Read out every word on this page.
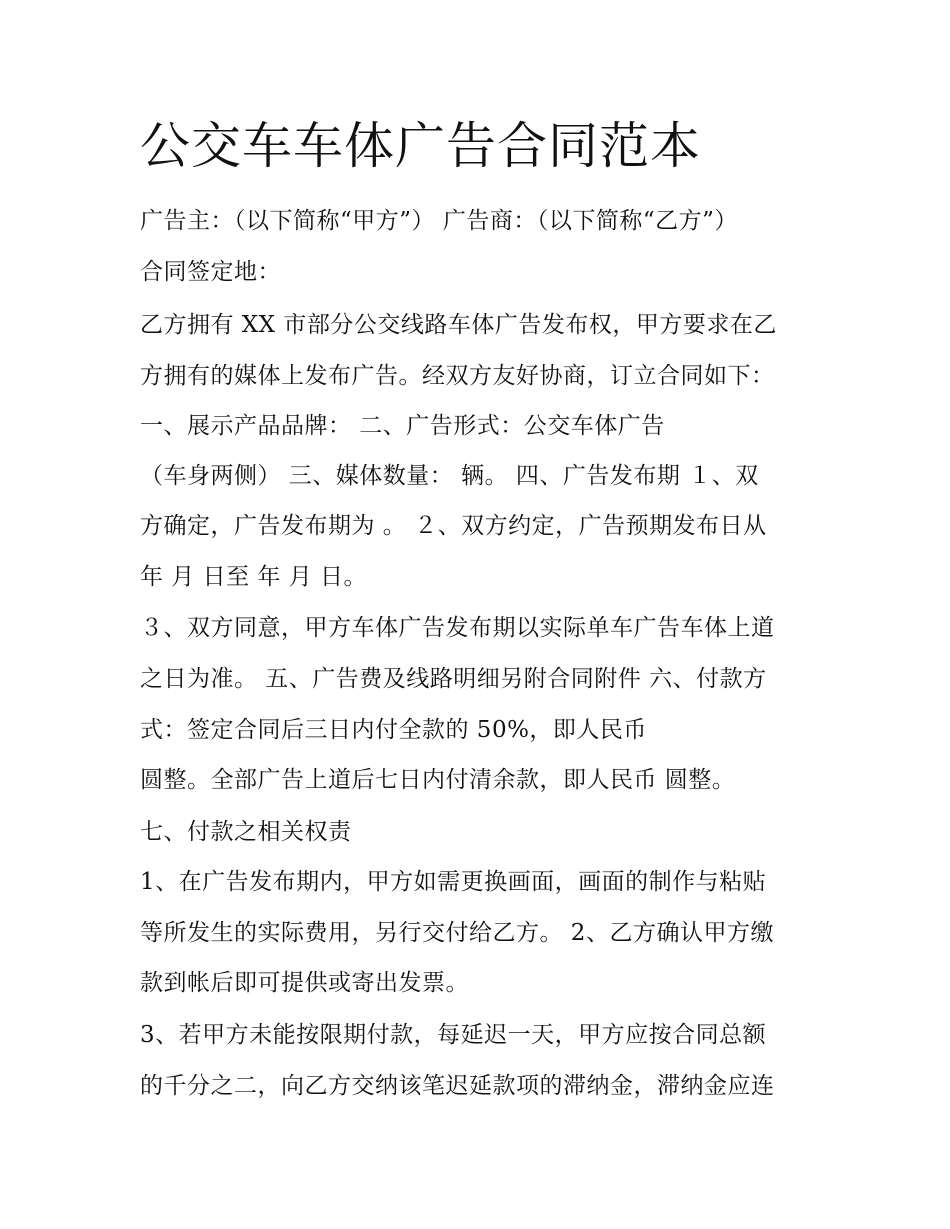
公交车车体广告合同范本
广告主：（以下简称“甲方”） 广告商：（以下简称“乙方”）
合同签定地：
乙方拥有 XX 市部分公交线路车体广告发布权，甲方要求在乙
方拥有的媒体上发布广告。经双方友好协商，订立合同如下：
一、展示产品品牌： 二、广告形式：公交车体广告
（车身两侧） 三、媒体数量： 辆。 四、广告发布期 １、双
方确定，广告发布期为 。 ２、双方约定，广告预期发布日从
年 月 日至 年 月 日。
３、双方同意，甲方车体广告发布期以实际单车广告车体上道
之日为准。 五、广告费及线路明细另附合同附件 六、付款方
式：签定合同后三日内付全款的 50%，即人民币
圆整。全部广告上道后七日内付清余款，即人民币 圆整。
七、付款之相关权责
1、在广告发布期内，甲方如需更换画面，画面的制作与粘贴
等所发生的实际费用，另行交付给乙方。 2、乙方确认甲方缴
款到帐后即可提供或寄出发票。
3、若甲方未能按限期付款，每延迟一天，甲方应按合同总额
的千分之二，向乙方交纳该笔迟延款项的滞纳金，滞纳金应连
